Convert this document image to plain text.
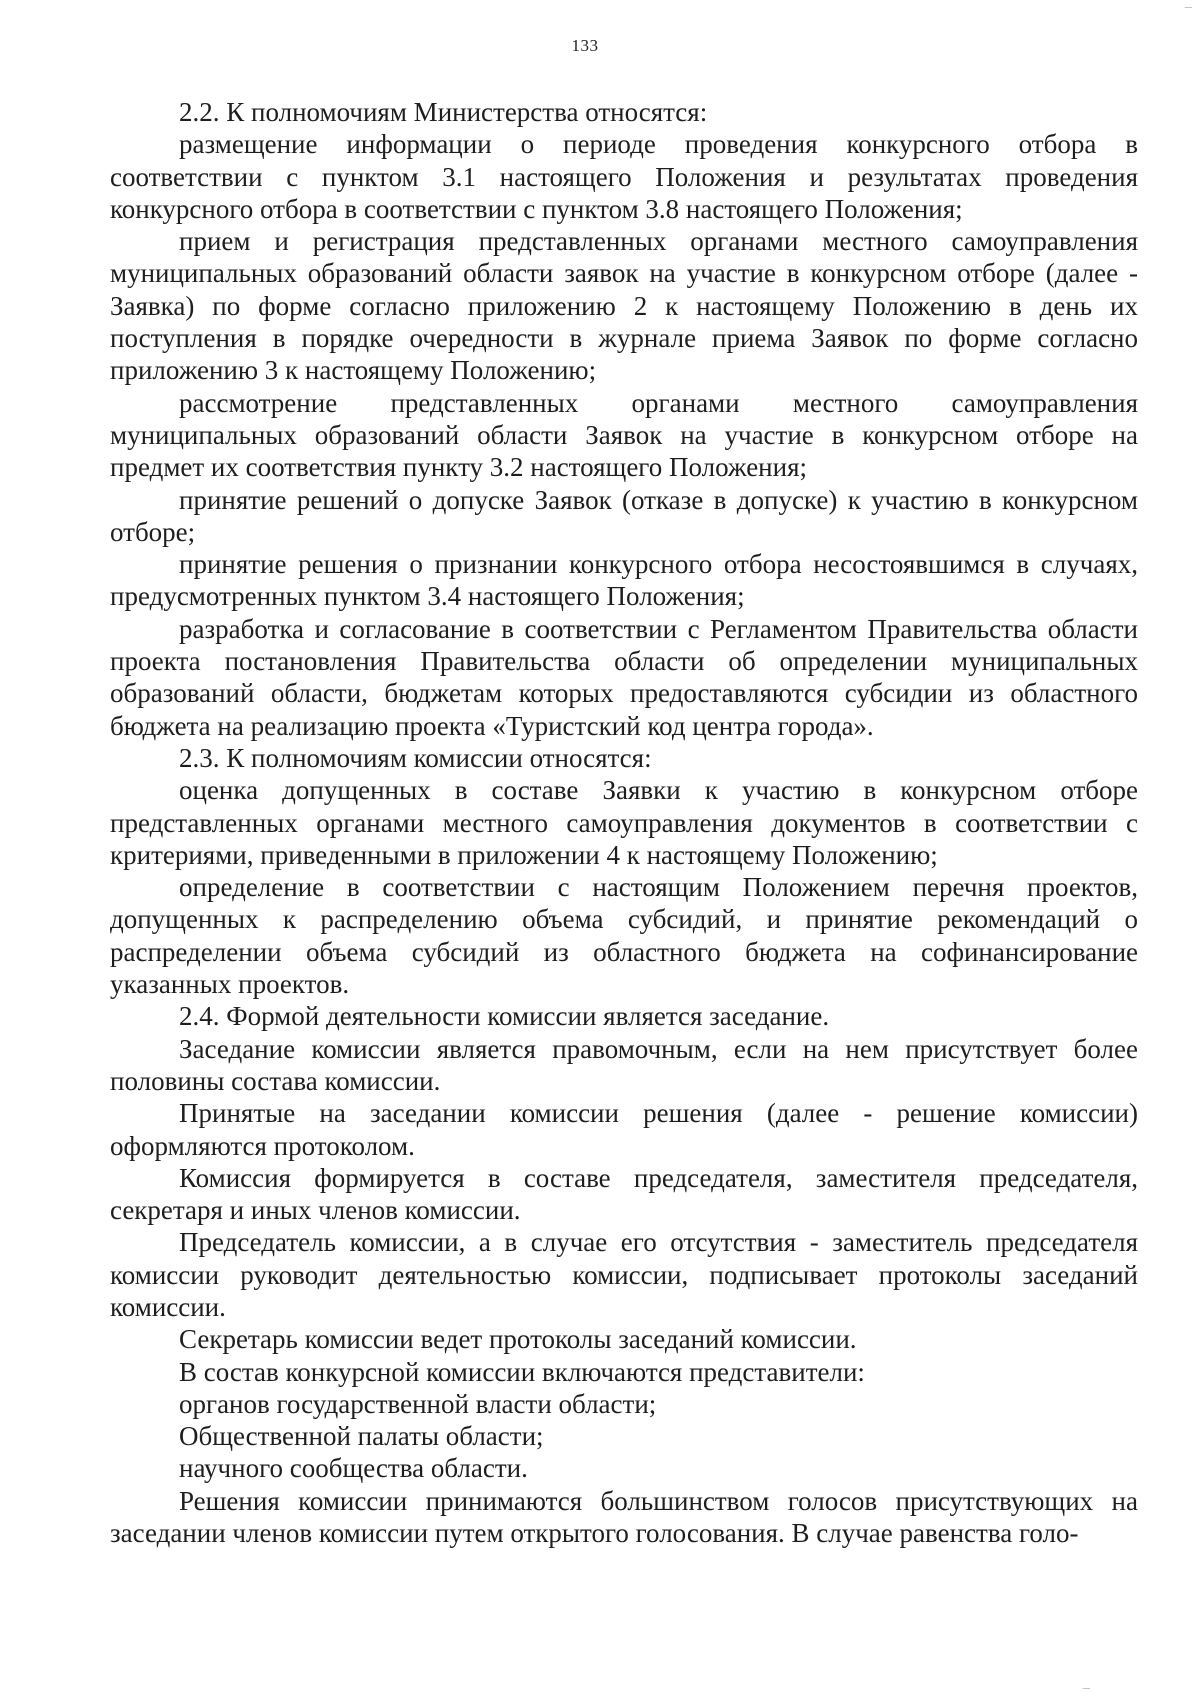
—
133

2.2. К полномочиям Министерства относятся:

размещение информации о периоде проведения конкурсного отбора в соответствии с пунктом 3.1 настоящего Положения и результатах проведения конкурсного отбора в соответствии с пунктом 3.8 настоящего Положения;

прием и регистрация представленных органами местного самоуправления муниципальных образований области заявок на участие в конкурсном отборе (далее - Заявка) по форме согласно приложению 2 к настоящему Положению в день их поступления в порядке очередности в журнале приема Заявок по форме согласно приложению 3 к настоящему Положению;

рассмотрение представленных органами местного самоуправления муниципальных образований области Заявок на участие в конкурсном отборе на предмет их соответствия пункту 3.2 настоящего Положения;

принятие решений о допуске Заявок (отказе в допуске) к участию в конкурсном отборе;

принятие решения о признании конкурсного отбора несостоявшимся в случаях, предусмотренных пунктом 3.4 настоящего Положения;

разработка и согласование в соответствии с Регламентом Правительства области проекта постановления Правительства области об определении муниципальных образований области, бюджетам которых предоставляются субсидии из областного бюджета на реализацию проекта «Туристский код центра города».

2.3. К полномочиям комиссии относятся:

оценка допущенных в составе Заявки к участию в конкурсном отборе представленных органами местного самоуправления документов в соответствии с критериями, приведенными в приложении 4 к настоящему Положению;

определение в соответствии с настоящим Положением перечня проектов, допущенных к распределению объема субсидий, и принятие рекомендаций о распределении объема субсидий из областного бюджета на софинансирование указанных проектов.

2.4. Формой деятельности комиссии является заседание.

Заседание комиссии является правомочным, если на нем присутствует более половины состава комиссии.

Принятые на заседании комиссии решения (далее - решение комиссии) оформляются протоколом.

Комиссия формируется в составе председателя, заместителя председателя, секретаря и иных членов комиссии.

Председатель комиссии, а в случае его отсутствия - заместитель председателя комиссии руководит деятельностью комиссии, подписывает протоколы заседаний комиссии.

Секретарь комиссии ведет протоколы заседаний комиссии.

В состав конкурсной комиссии включаются представители:

органов государственной власти области;

Общественной палаты области;

научного сообщества области.

Решения комиссии принимаются большинством голосов присутствующих на заседании членов комиссии путем открытого голосования. В случае равенства голо-

—
